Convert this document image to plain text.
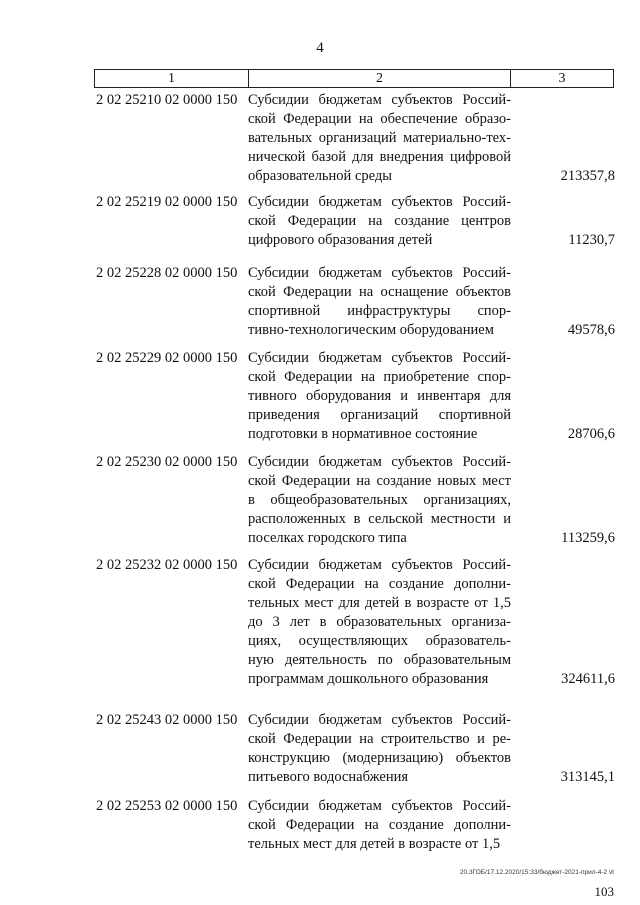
4
1	2	3
2 02 25210 02 0000 150 Субсидии бюджетам субъектов Россий-
ской Федерации на обеспечение образо-
вательных организаций материально-тех-
нической базой для внедрения цифровой
образовательной среды	213357,8
2 02 25219 02 0000 150 Субсидии бюджетам субъектов Россий-
ской Федерации на создание центров
цифрового образования детей	11230,7
2 02 25228 02 0000 150 Субсидии бюджетам субъектов Россий-
ской Федерации на оснащение объектов
спортивной инфраструктуры спор-
тивно-технологическим оборудованием	49578,6
2 02 25229 02 0000 150 Субсидии бюджетам субъектов Россий-
ской Федерации на приобретение спор-
тивного оборудования и инвентаря для
приведения организаций спортивной
подготовки в нормативное состояние	28706,6
2 02 25230 02 0000 150 Субсидии бюджетам субъектов Россий-
ской Федерации на создание новых мест
в общеобразовательных организациях,
расположенных в сельской местности и
поселках городского типа	113259,6
2 02 25232 02 0000 150 Субсидии бюджетам субъектов Россий-
ской Федерации на создание дополни-
тельных мест для детей в возрасте от 1,5
до 3 лет в образовательных организа-
циях, осуществляющих образователь-
ную деятельность по образовательным
программам дошкольного образования	324611,6
2 02 25243 02 0000 150 Субсидии бюджетам субъектов Россий-
ской Федерации на строительство и ре-
конструкцию (модернизацию) объектов
питьевого водоснабжения	313145,1
2 02 25253 02 0000 150 Субсидии бюджетам субъектов Россий-
ской Федерации на создание дополни-
тельных мест для детей в возрасте от 1,5
20.3ГОБ/17.12.2020/15:33/бюджет-2021-прил-4-2 vt
103
